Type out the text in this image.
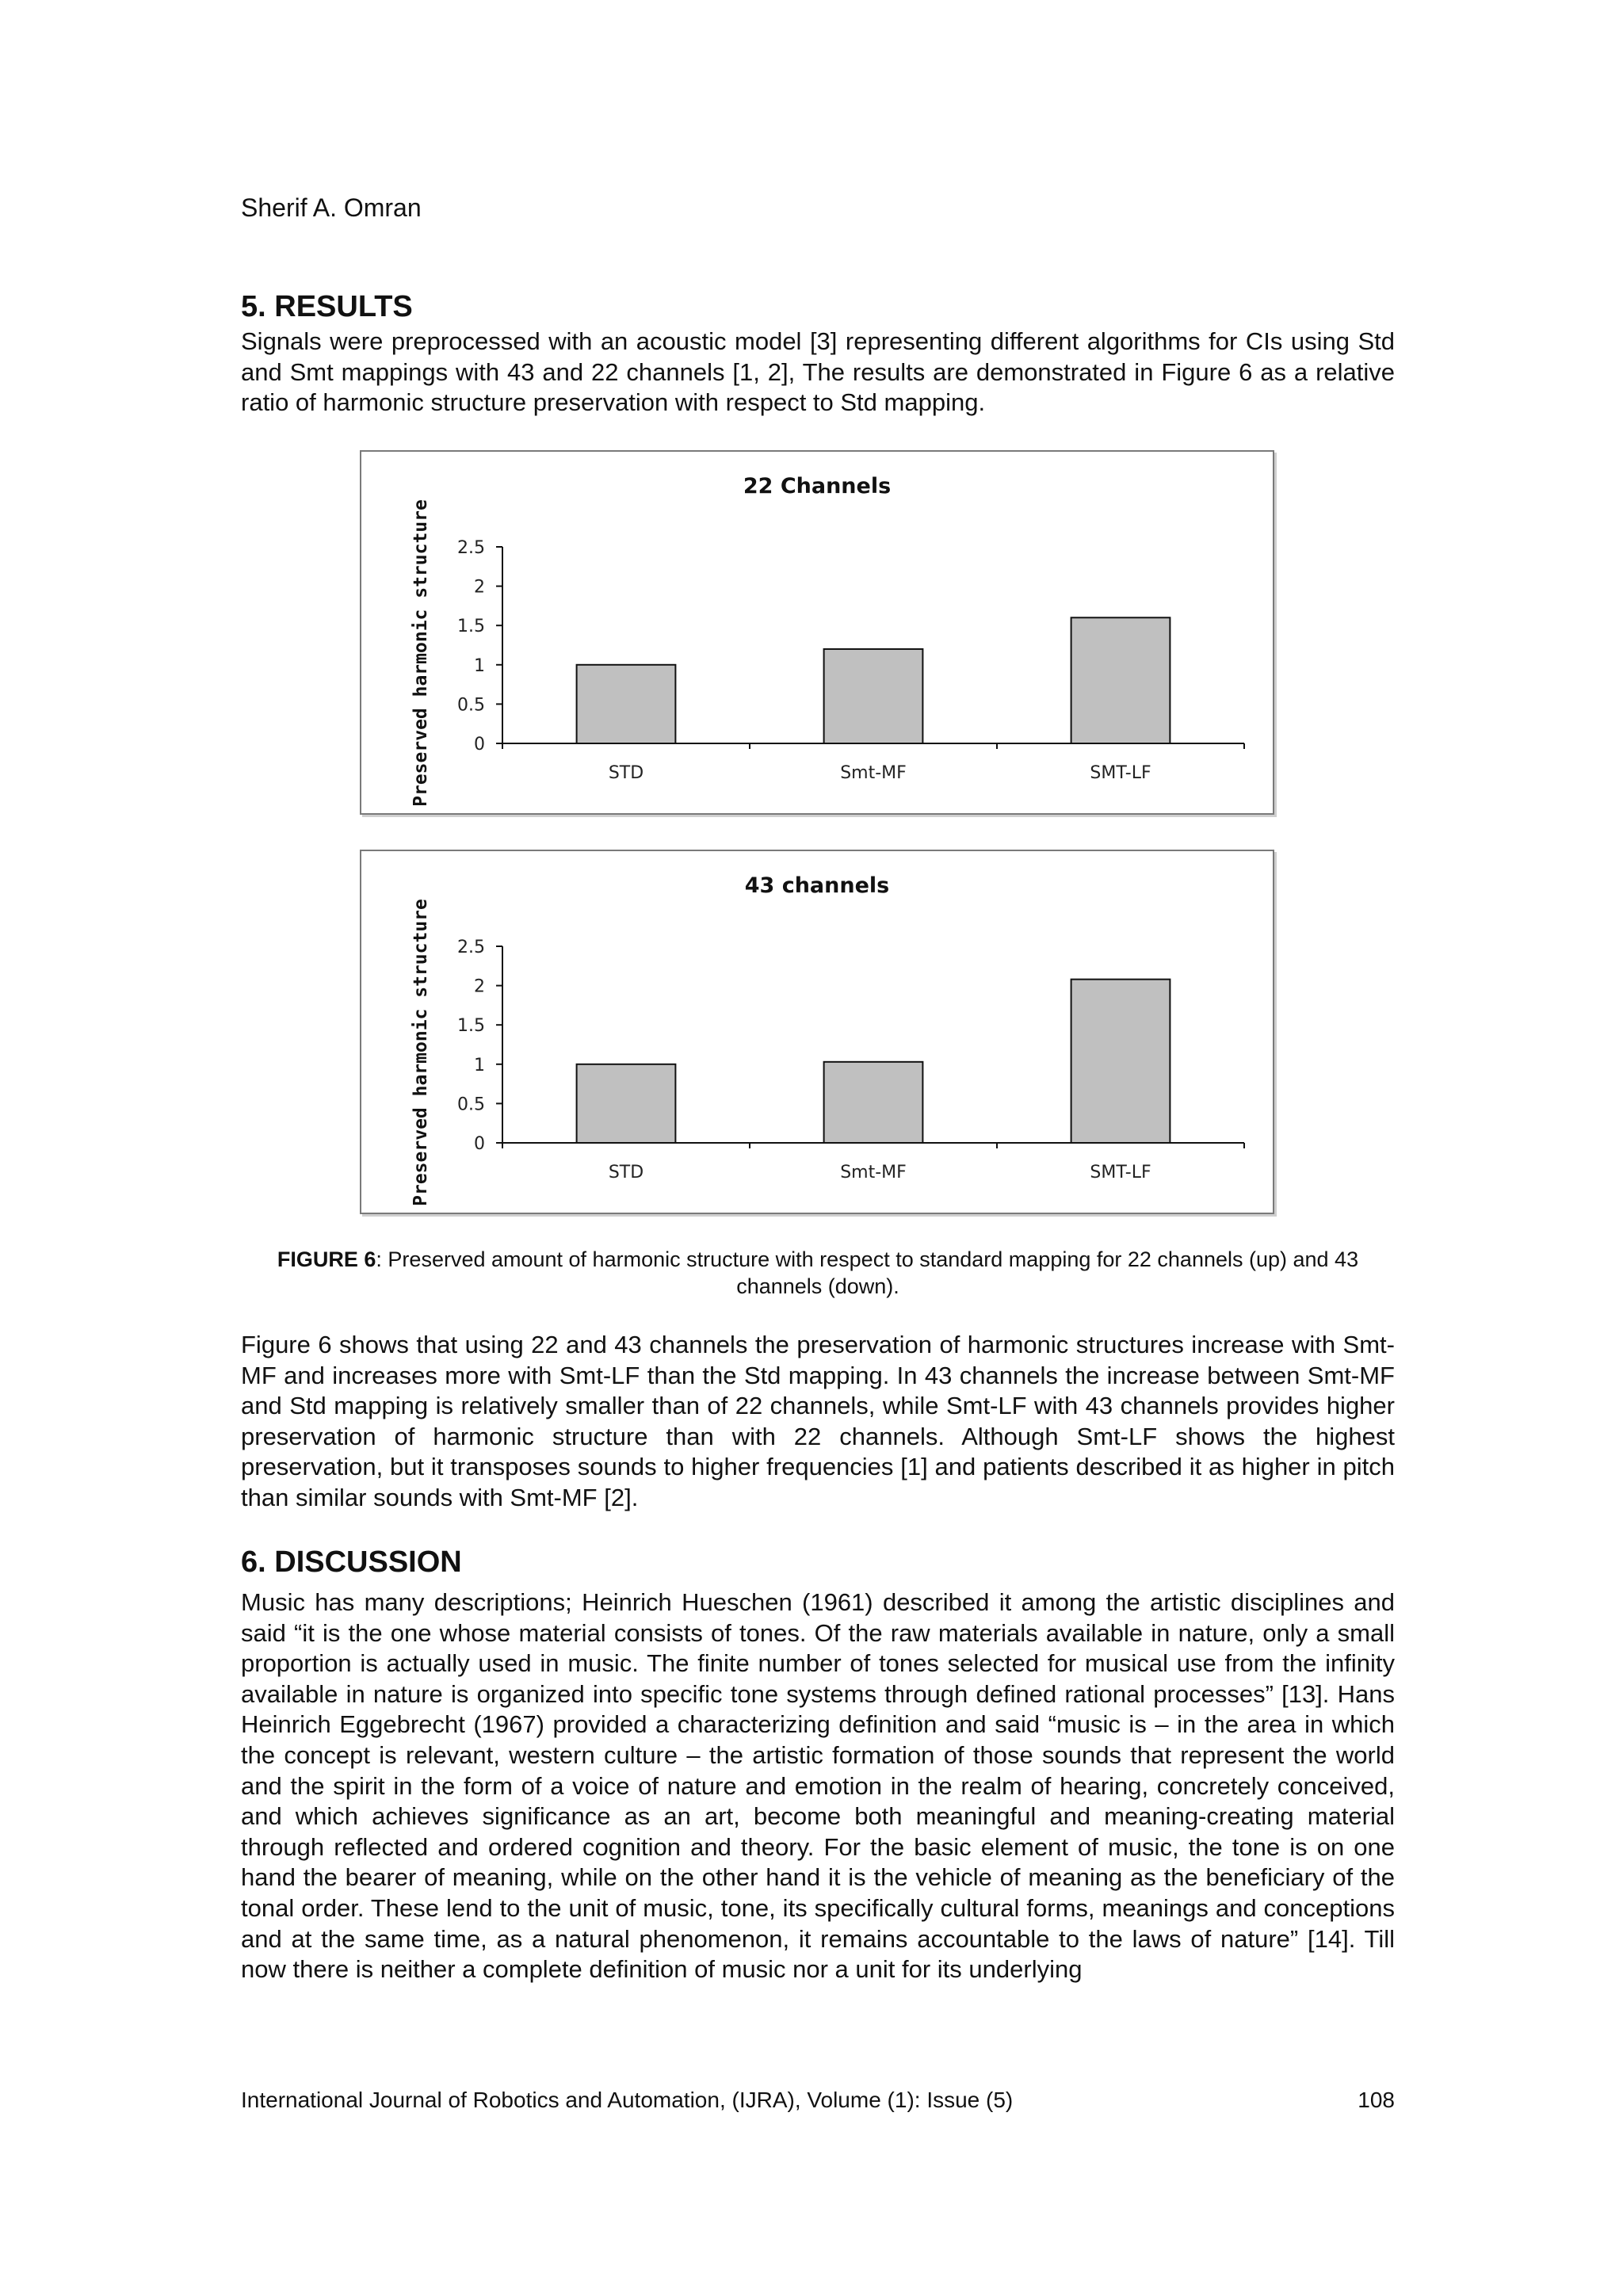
Sherif A. Omran
5. RESULTS

Signals were preprocessed with an acoustic model [3] representing different algorithms for CIs using Std and Smt mappings with 43 and 22 channels [1, 2], The results are demonstrated in Figure 6 as a relative ratio of harmonic structure preservation with respect to Std mapping.

22 Channels
Preserved harmonic structure 0
0.5
1
1.5
2
2.5
STD	Smt-MF	SMT-LF
43 channels
Preserved harmonic structure 0
0.5
1
1.5
2
2.5
STD	Smt-MF	SMT-LF
FIGURE 6: Preserved amount of harmonic structure with respect to standard mapping for 22 channels (up) and 43 channels (down).

Figure 6 shows that using 22 and 43 channels the preservation of harmonic structures increase with Smt-MF and increases more with Smt-LF than the Std mapping. In 43 channels the increase between Smt-MF and Std mapping is relatively smaller than of 22 channels, while Smt-LF with 43 channels provides higher preservation of harmonic structure than with 22 channels. Although Smt-LF shows the highest preservation, but it transposes sounds to higher frequencies [1] and patients described it as higher in pitch than similar sounds with Smt-MF [2].

6. DISCUSSION

Music has many descriptions; Heinrich Hueschen (1961) described it among the artistic disciplines and said “it is the one whose material consists of tones. Of the raw materials available in nature, only a small proportion is actually used in music. The finite number of tones selected for musical use from the infinity available in nature is organized into specific tone systems through defined rational processes” [13]. Hans Heinrich Eggebrecht (1967) provided a characterizing definition and said “music is – in the area in which the concept is relevant, western culture – the artistic formation of those sounds that represent the world and the spirit in the form of a voice of nature and emotion in the realm of hearing, concretely conceived, and which achieves significance as an art, become both meaningful and meaning-creating material through reflected and ordered cognition and theory. For the basic element of music, the tone is on one hand the bearer of meaning, while on the other hand it is the vehicle of meaning as the beneficiary of the tonal order. These lend to the unit of music, tone, its specifically cultural forms, meanings and conceptions and at the same time, as a natural phenomenon, it remains accountable to the laws of nature” [14]. Till now there is neither a complete definition of music nor a unit for its underlying

International Journal of Robotics and Automation, (IJRA), Volume (1): Issue (5)	108
